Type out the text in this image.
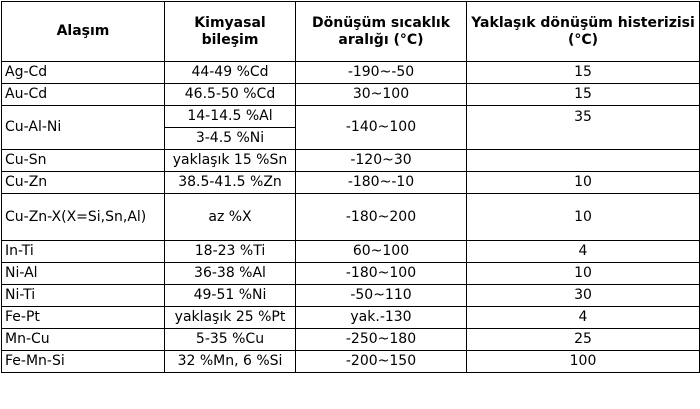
Alaşım	Kimyasal bileşim	Dönüşüm sıcaklık aralığı (°C)	Yaklaşık dönüşüm histerizisi (°C)
Ag-Cd	44-49 %Cd	-190~-50	15
Au-Cd	46.5-50 %Cd	30~100	15
Cu-Al-Ni	14-14.5 %Al	-140~100	35
	3-4.5 %Ni		
Cu-Sn	yaklaşık 15 %Sn	-120~30	
Cu-Zn	38.5-41.5 %Zn	-180~-10	10
Cu-Zn-X(X=Si,Sn,Al)	az %X	-180~200	10
In-Ti	18-23 %Ti	60~100	4
Ni-Al	36-38 %Al	-180~100	10
Ni-Ti	49-51 %Ni	-50~110	30
Fe-Pt	yaklaşık 25 %Pt	yak.-130	4
Mn-Cu	5-35 %Cu	-250~180	25
Fe-Mn-Si	32 %Mn, 6 %Si	-200~150	100
